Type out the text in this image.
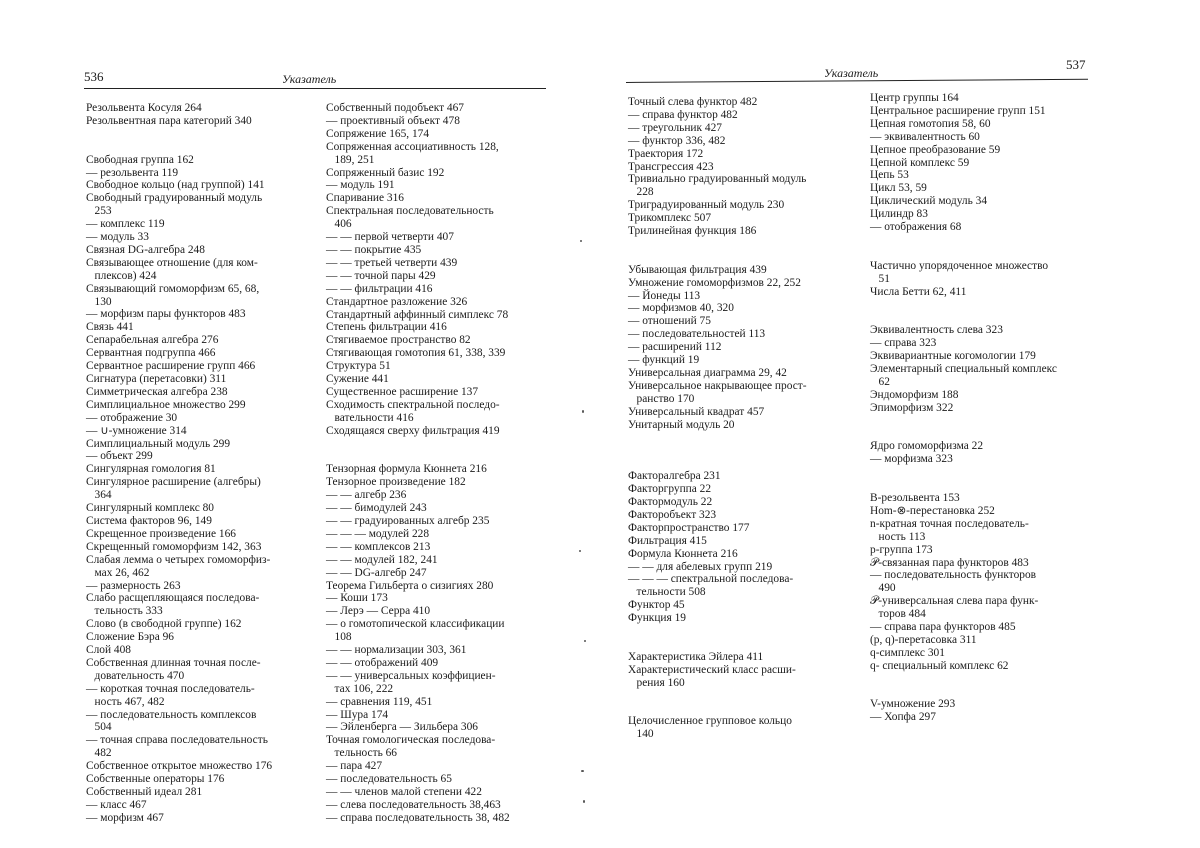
536	Указатель
Резольвента Косуля 264
Резольвентная пара категорий 340
Свободная группа 162
— резольвента 119
Свободное кольцо (над группой) 141
Свободный градуированный модуль
253
— комплекс 119
— модуль 33
Связная DG-алгебра 248
Связывающее отношение (для ком-
плексов) 424
Связывающий гомоморфизм 65, 68,
130
— морфизм пары функторов 483
Связь 441
Сепарабельная алгебра 276
Сервантная подгруппа 466
Сервантное расширение групп 466
Сигнатура (перетасовки) 311
Симметрическая алгебра 238
Симплициальное множество 299
— отображение 30
— ∪-умножение 314
Симплициальный модуль 299
— объект 299
Сингулярная гомология 81
Сингулярное расширение (алгебры)
364
Сингулярный комплекс 80
Система факторов 96, 149
Скрещенное произведение 166
Скрещенный гомоморфизм 142, 363
Слабая лемма о четырех гомоморфиз-
мах 26, 462
— размерность 263
Слабо расщепляющаяся последова-
тельность 333
Слово (в свободной группе) 162
Сложение Бэра 96
Слой 408
Собственная длинная точная после-
довательность 470
— короткая точная последователь-
ность 467, 482
— последовательность комплексов
504
— точная справа последовательность
482
Собственное открытое множество 176
Собственные операторы 176
Собственный идеал 281
— класс 467
— морфизм 467
Собственный подобъект 467
— проективный объект 478
Сопряжение 165, 174
Сопряженная ассоциативность 128,
189, 251
Сопряженный базис 192
— модуль 191
Спаривание 316
Спектральная последовательность
406
— — первой четверти 407
— — покрытие 435
— — третьей четверти 439
— — точной пары 429
— — фильтрации 416
Стандартное разложение 326
Стандартный аффинный симплекс 78
Степень фильтрации 416
Стягиваемое пространство 82
Стягивающая гомотопия 61, 338, 339
Структура 51
Сужение 441
Существенное расширение 137
Сходимость спектральной последо-
вательности 416
Сходящаяся сверху фильтрация 419
Тензорная формула Кюннета 216
Тензорное произведение 182
— — алгебр 236
— — бимодулей 243
— — градуированных алгебр 235
— — — модулей 228
— — комплексов 213
— — модулей 182, 241
— — DG-алгебр 247
Теорема Гильберта о сизигиях 280
— Коши 173
— Лерэ — Серра 410
— о гомотопической классификации
108
— — нормализации 303, 361
— — отображений 409
— — универсальных коэффициен-
тах 106, 222
— сравнения 119, 451
— Шура 174
— Эйленберга — Зильбера 306
Точная гомологическая последова-
тельность 66
— пара 427
— последовательность 65
— — членов малой степени 422
— слева последовательность 38,463
— справа последовательность 38, 482
Указатель
537
Точный слева функтор 482
— справа функтор 482
— треугольник 427
— функтор 336, 482
Траектория 172
Трансгрессия 423
Тривиально градуированный модуль
228
Триградуированный модуль 230
Трикомплекс 507
Трилинейная функция 186
Убывающая фильтрация 439
Умножение гомоморфизмов 22, 252
— Йонеды 113
— морфизмов 40, 320
— отношений 75
— последовательностей 113
— расширений 112
— функций 19
Универсальная диаграмма 29, 42
Универсальное накрывающее прост-
ранство 170
Универсальный квадрат 457
Унитарный модуль 20
Факторалгебра 231
Факторгруппа 22
Фактормодуль 22
Факторобъект 323
Факторпространство 177
Фильтрация 415
Формула Кюннета 216
— — для абелевых групп 219
— — — спектральной последова-
тельности 508
Функтор 45
Функция 19
Характеристика Эйлера 411
Характеристический класс расши-
рения 160
Целочисленное групповое кольцо
140
Центр группы 164
Центральное расширение групп 151
Цепная гомотопия 58, 60
— эквивалентность 60
Цепное преобразование 59
Цепной комплекс 59
Цепь 53
Цикл 53, 59
Циклический модуль 34
Цилиндр 83
— отображения 68
Частично упорядоченное множество
51
Числа Бетти 62, 411
Эквивалентность слева 323
— справа 323
Эквивариантные когомологии 179
Элементарный специальный комплекс
62
Эндоморфизм 188
Эпиморфизм 322
Ядро гомоморфизма 22
— морфизма 323
B-резольвента 153
Hom-⊗-перестановка 252
n-кратная точная последователь-
ность 113
p-группа 173
𝒫-связанная пара функторов 483
— последовательность функторов
490
𝒫-универсальная слева пара функ-
торов 484
— справа пара функторов 485
(p, q)-перетасовка 311
q-симплекс 301
q- специальный комплекс 62
V-умножение 293
— Хопфа 297
